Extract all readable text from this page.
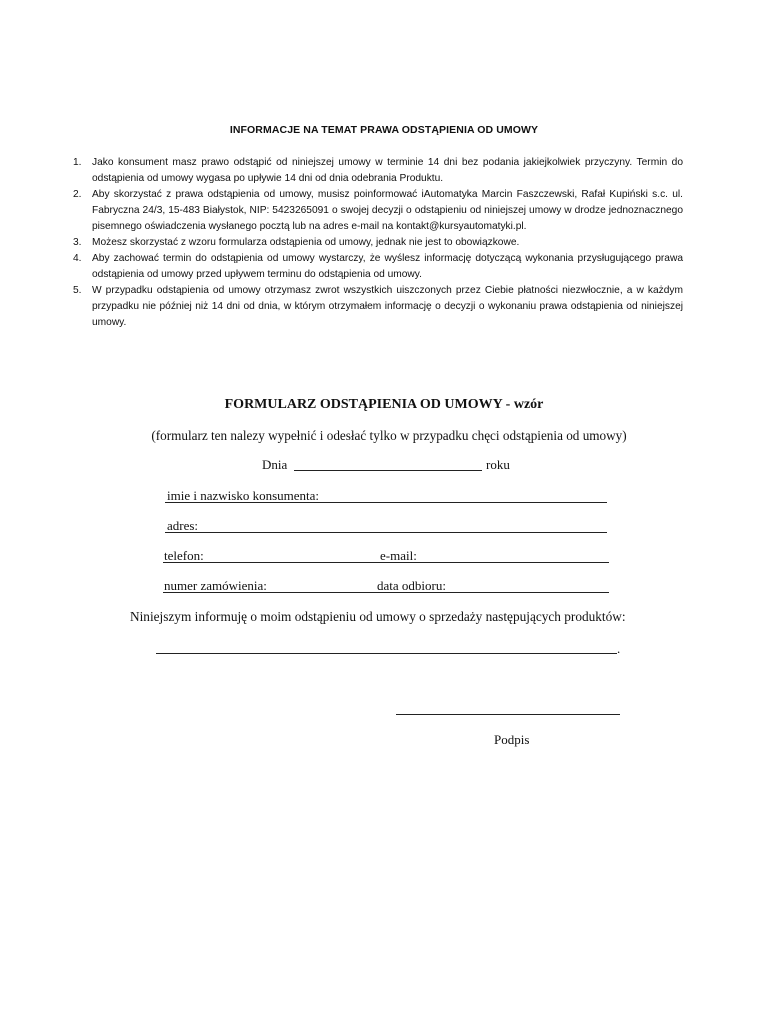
INFORMACJE NA TEMAT PRAWA ODSTĄPIENIA OD UMOWY
1. Jako konsument masz prawo odstąpić od niniejszej umowy w terminie 14 dni bez podania jakiejkolwiek przyczyny. Termin do odstąpienia od umowy wygasa po upływie 14 dni od dnia odebrania Produktu.
2. Aby skorzystać z prawa odstąpienia od umowy, musisz poinformować iAutomatyka Marcin Faszczewski, Rafał Kupiński s.c. ul. Fabryczna 24/3, 15-483 Białystok, NIP: 5423265091 o swojej decyzji o odstąpieniu od niniejszej umowy w drodze jednoznacznego pisemnego oświadczenia wysłanego pocztą lub na adres e-mail na kontakt@kursyautomatyki.pl.
3. Możesz skorzystać z wzoru formularza odstąpienia od umowy, jednak nie jest to obowiązkowe.
4. Aby zachować termin do odstąpienia od umowy wystarczy, że wyślesz informację dotyczącą wykonania przysługującego prawa odstąpienia od umowy przed upływem terminu do odstąpienia od umowy.
5. W przypadku odstąpienia od umowy otrzymasz zwrot wszystkich uiszczonych przez Ciebie płatności niezwłocznie, a w każdym przypadku nie później niż 14 dni od dnia, w którym otrzymałem informację o decyzji o wykonaniu prawa odstąpienia od niniejszej umowy.
FORMULARZ ODSTĄPIENIA OD UMOWY - wzór
(formularz ten nalezy wypełnić i odesłać tylko w przypadku chęci odstąpienia od umowy)
Dnia	roku
imie i nazwisko konsumenta:
adres:
telefon:	e-mail:
numer zamówienia:	data odbioru:
Niniejszym informuję o moim odstąpieniu od umowy o sprzedaży następujących produktów:
.
Podpis
